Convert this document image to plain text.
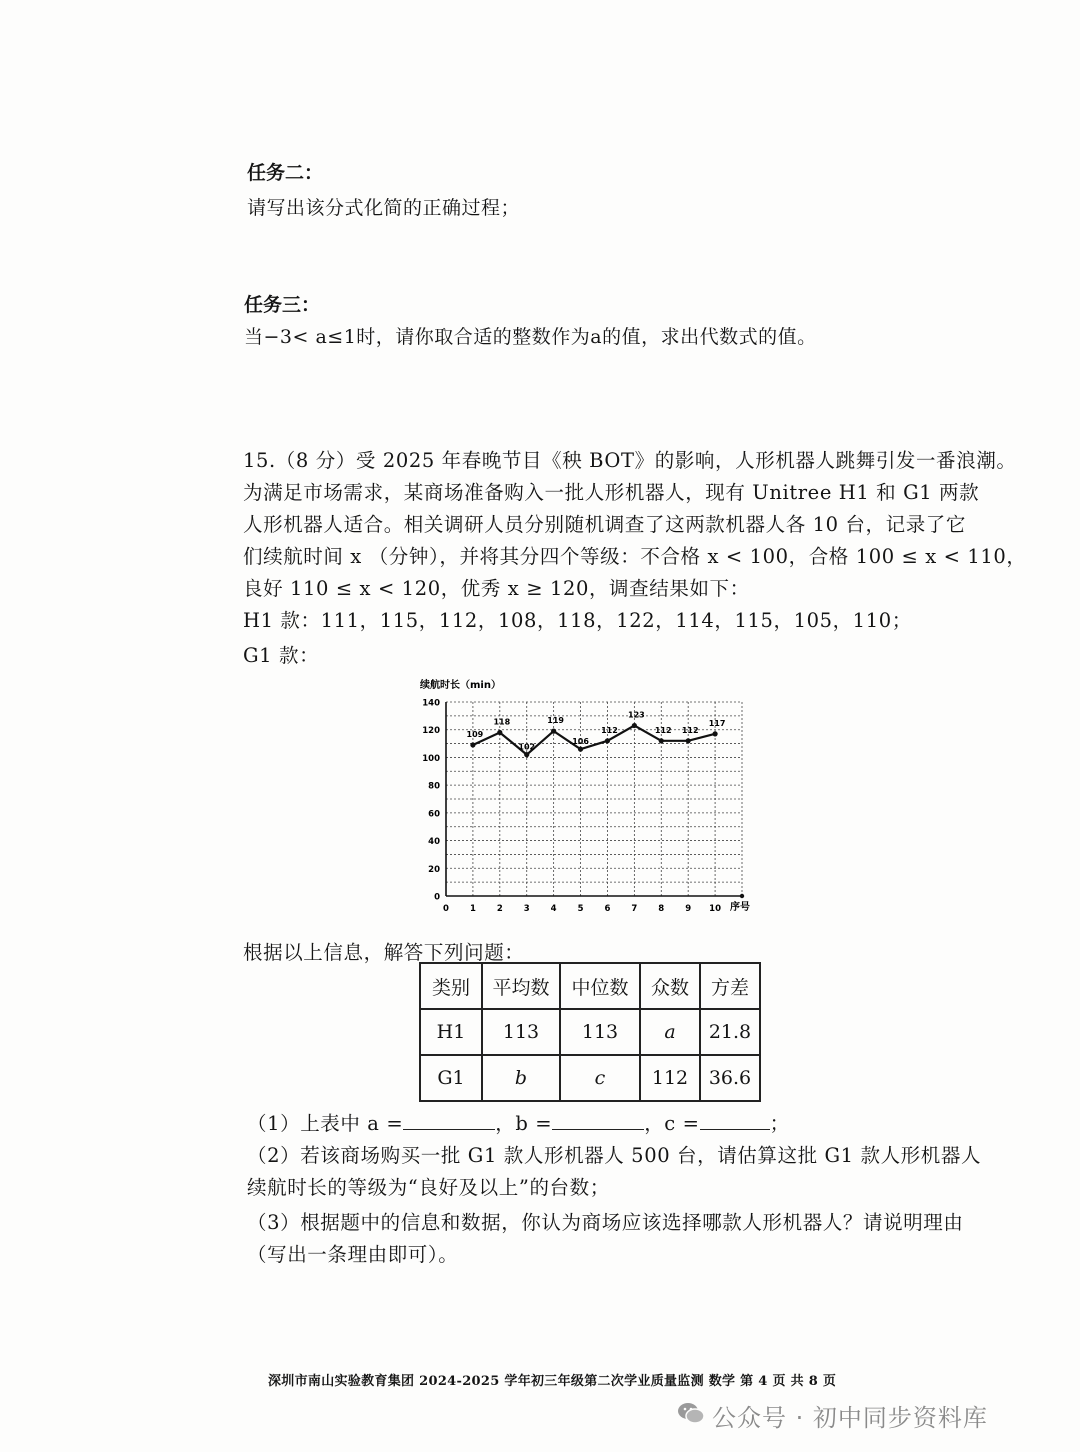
任务二：
请写出该分式化简的正确过程；
任务三：
当−3< a≤1时，请你取合适的整数作为a的值，求出代数式的值。
15.（8 分）受 2025 年春晚节目《秧 BOT》的影响，人形机器人跳舞引发一番浪潮。
为满足市场需求，某商场准备购入一批人形机器人，现有 Unitree H1 和 G1 两款
人形机器人适合。相关调研人员分别随机调查了这两款机器人各 10 台，记录了它
们续航时间 x （分钟），并将其分四个等级：不合格 x < 100，合格 100 ≤ x < 110，
良好 110 ≤ x < 120，优秀 x ≥ 120，调查结果如下：
H1 款：111，115，112，108，118，122，114，115，105，110；
G1 款：
0
20
40
60
80
100
120
140
0 1 2 3 4 5 6 7 8 9 10
109
118
102
119
106
112
123
112 112
117
续航时长（min）
序号
根据以上信息，解答下列问题：
类别	平均数	中位数	众数	方差
H1	113	113	a	21.8
G1	b	c	112	36.6
（1）上表中 a =	，b =	，c =	；
（2）若该商场购买一批 G1 款人形机器人 500 台，请估算这批 G1 款人形机器人
续航时长的等级为“良好及以上”的台数；
（3）根据题中的信息和数据，你认为商场应该选择哪款人形机器人？请说明理由
（写出一条理由即可）。
深圳市南山实验教育集团 2024-2025 学年初三年级第二次学业质量监测 数学 第 4 页 共 8 页
公众号 · 初中同步资料库
